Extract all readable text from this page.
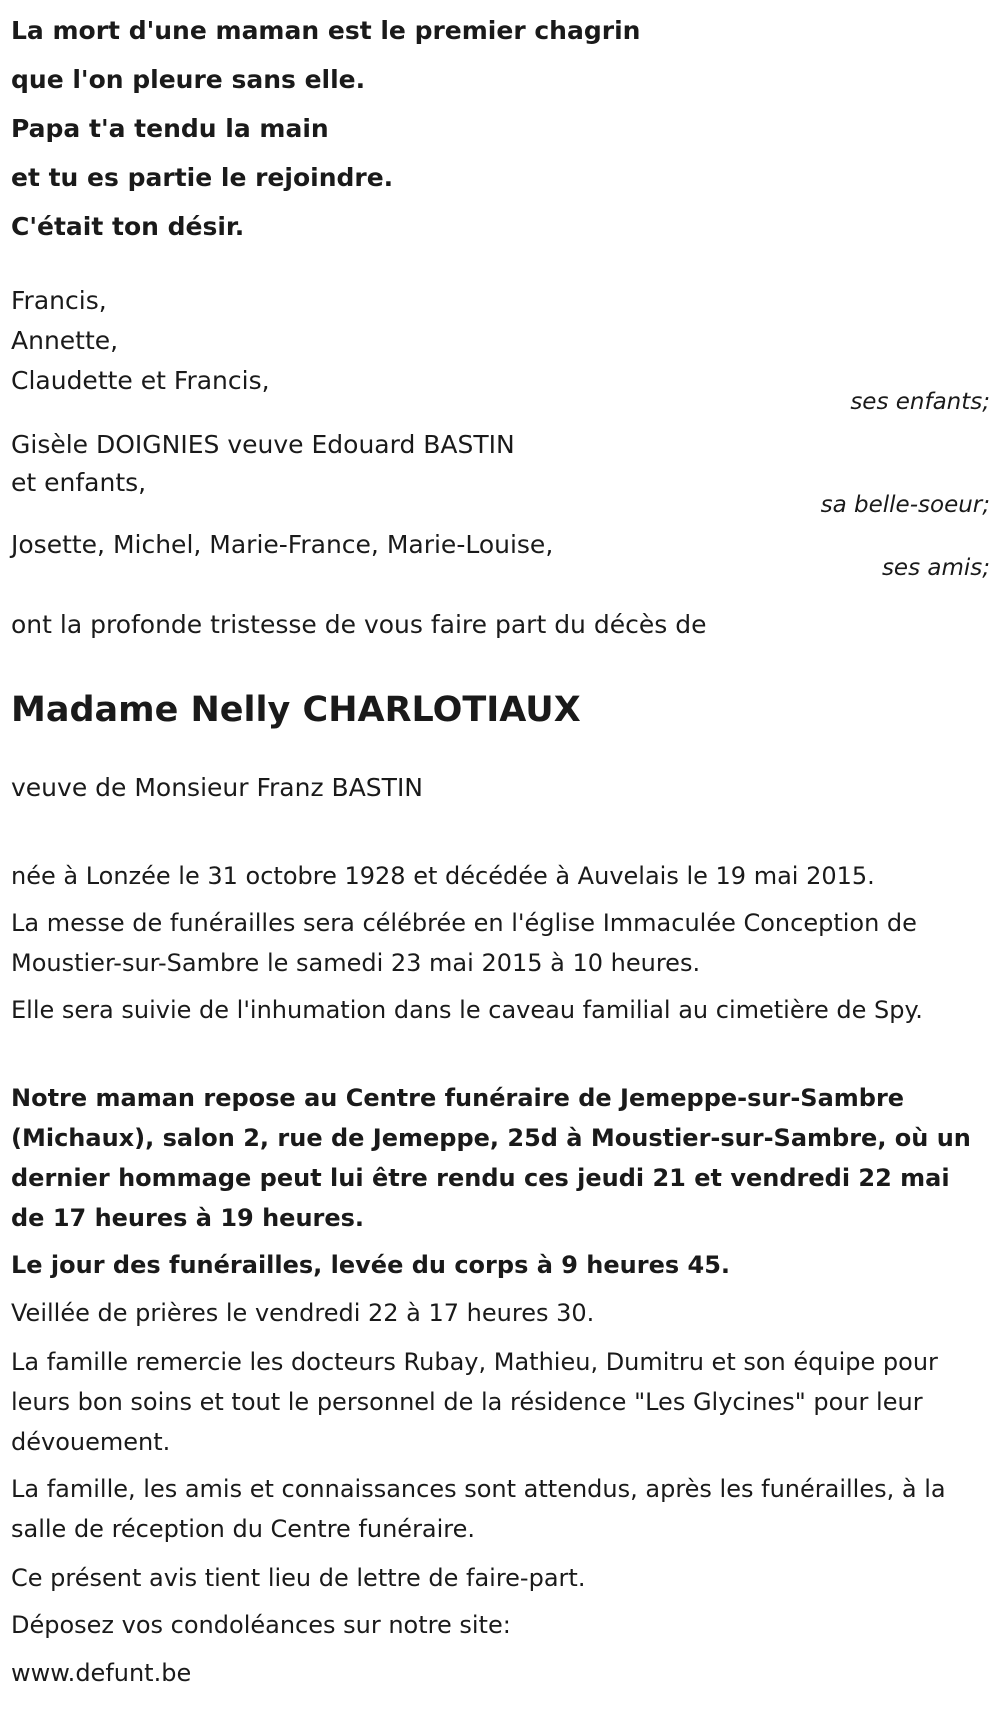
La mort d'une maman est le premier chagrin
que l'on pleure sans elle.
Papa t'a tendu la main
et tu es partie le rejoindre.
C'était ton désir.
Francis,
Annette,
Claudette et Francis,
ses enfants;
Gisèle DOIGNIES veuve Edouard BASTIN
et enfants,
sa belle-soeur;
Josette, Michel, Marie-France, Marie-Louise,
ses amis;
ont la profonde tristesse de vous faire part du décès de
Madame Nelly CHARLOTIAUX
veuve de Monsieur Franz BASTIN
née à Lonzée le 31 octobre 1928 et décédée à Auvelais le 19 mai 2015.
La messe de funérailles sera célébrée en l'église Immaculée Conception de Moustier-sur-Sambre le samedi 23 mai 2015 à 10 heures.
Elle sera suivie de l'inhumation dans le caveau familial au cimetière de Spy.
Notre maman repose au Centre funéraire de Jemeppe-sur-Sambre (Michaux), salon 2, rue de Jemeppe, 25d à Moustier-sur-Sambre, où un dernier hommage peut lui être rendu ces jeudi 21 et vendredi 22 mai de 17 heures à 19 heures.
Le jour des funérailles, levée du corps à 9 heures 45.
Veillée de prières le vendredi 22 à 17 heures 30.
La famille remercie les docteurs Rubay, Mathieu, Dumitru et son équipe pour leurs bon soins et tout le personnel de la résidence "Les Glycines" pour leur dévouement.
La famille, les amis et connaissances sont attendus, après les funérailles, à la salle de réception du Centre funéraire.
Ce présent avis tient lieu de lettre de faire-part.
Déposez vos condoléances sur notre site:
www.defunt.be
